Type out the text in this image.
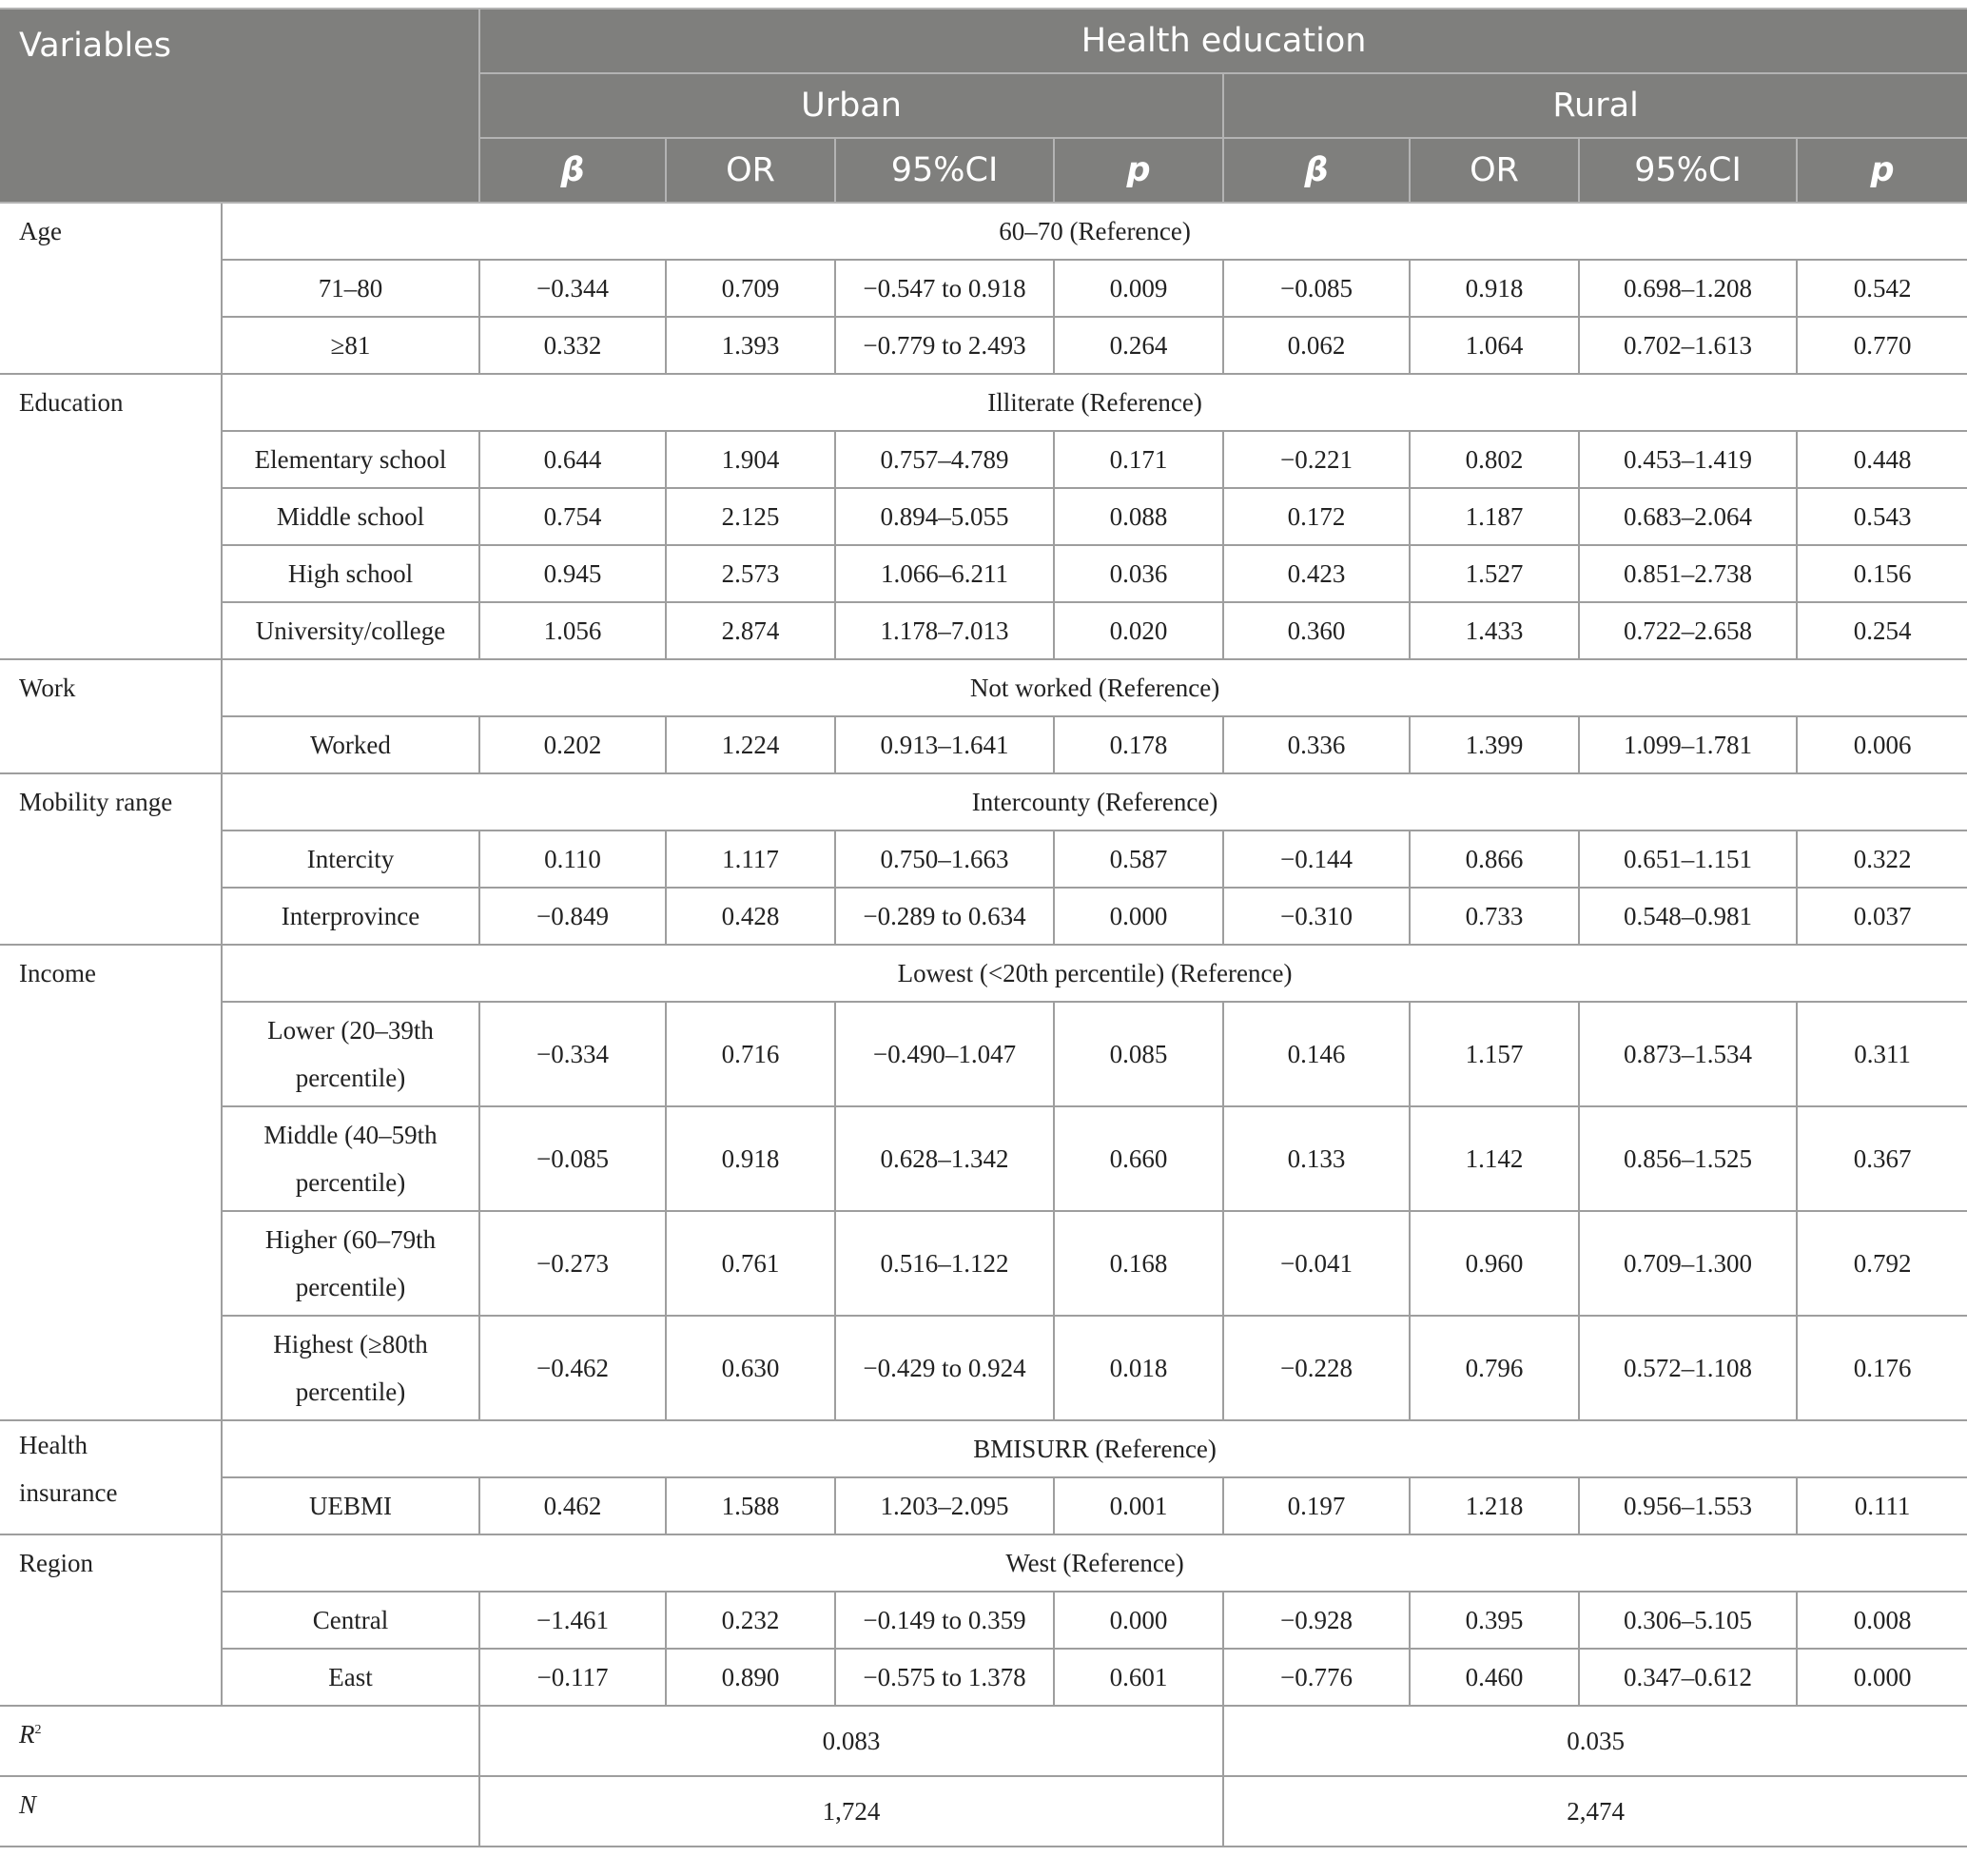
Variables		Health education							
		Urban				Rural			
		β	OR	95%CI	p	β	OR	95%CI	p
Age	60–70 (Reference)								
	71–80	−0.344	0.709	−0.547 to 0.918	0.009	−0.085	0.918	0.698–1.208	0.542
	≥81	0.332	1.393	−0.779 to 2.493	0.264	0.062	1.064	0.702–1.613	0.770
Education	Illiterate (Reference)								
	Elementary school	0.644	1.904	0.757–4.789	0.171	−0.221	0.802	0.453–1.419	0.448
	Middle school	0.754	2.125	0.894–5.055	0.088	0.172	1.187	0.683–2.064	0.543
	High school	0.945	2.573	1.066–6.211	0.036	0.423	1.527	0.851–2.738	0.156
	University/college	1.056	2.874	1.178–7.013	0.020	0.360	1.433	0.722–2.658	0.254
Work	Not worked (Reference)								
	Worked	0.202	1.224	0.913–1.641	0.178	0.336	1.399	1.099–1.781	0.006
Mobility range	Intercounty (Reference)								
	Intercity	0.110	1.117	0.750–1.663	0.587	−0.144	0.866	0.651–1.151	0.322
	Interprovince	−0.849	0.428	−0.289 to 0.634	0.000	−0.310	0.733	0.548–0.981	0.037
Income	Lowest (<20th percentile) (Reference)								
	Lower (20–39th
percentile)	−0.334	0.716	−0.490–1.047	0.085	0.146	1.157	0.873–1.534	0.311
	Middle (40–59th
percentile)	−0.085	0.918	0.628–1.342	0.660	0.133	1.142	0.856–1.525	0.367
	Higher (60–79th
percentile)	−0.273	0.761	0.516–1.122	0.168	−0.041	0.960	0.709–1.300	0.792
	Highest (≥80th
percentile)	−0.462	0.630	−0.429 to 0.924	0.018	−0.228	0.796	0.572–1.108	0.176
Health
insurance	BMISURR (Reference)								
	UEBMI	0.462	1.588	1.203–2.095	0.001	0.197	1.218	0.956–1.553	0.111
Region	West (Reference)								
	Central	−1.461	0.232	−0.149 to 0.359	0.000	−0.928	0.395	0.306–5.105	0.008
	East	−0.117	0.890	−0.575 to 1.378	0.601	−0.776	0.460	0.347–0.612	0.000
$R^2$		0.083				0.035			
N		1,724				2,474			
